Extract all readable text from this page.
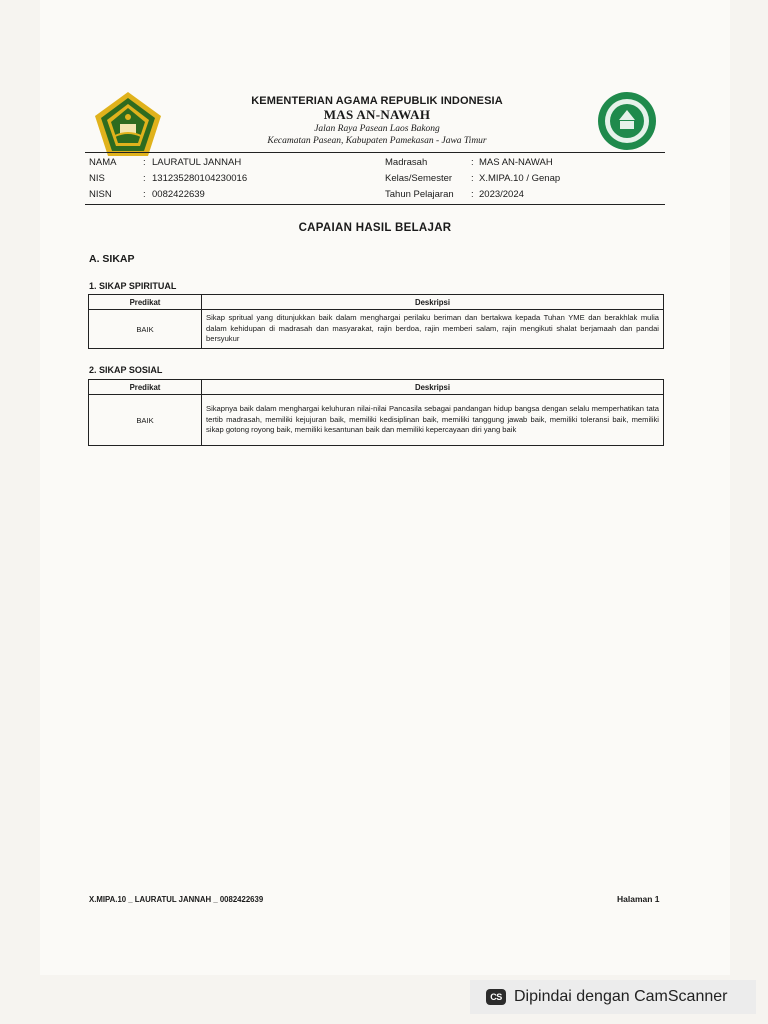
KEMENTERIAN AGAMA REPUBLIK INDONESIA
MAS AN-NAWAH
Jalan Raya Pasean Laos Bakong
Kecamatan Pasean, Kabupaten Pamekasan - Jawa Timur
NAMA	: LAURATUL JANNAH
NIS	: 131235280104230016
NISN	: 0082422639
Madrasah	: MAS AN-NAWAH
Kelas/Semester	: X.MIPA.10 / Genap
Tahun Pelajaran	: 2023/2024
CAPAIAN HASIL BELAJAR
A. SIKAP
1. SIKAP SPIRITUAL
Predikat	Deskripsi
BAIK	Sikap spritual yang ditunjukkan baik dalam menghargai perilaku beriman dan bertakwa kepada Tuhan YME dan berakhlak mulia dalam kehidupan di madrasah dan masyarakat, rajin berdoa, rajin memberi salam, rajin mengikuti shalat berjamaah dan pandai bersyukur
2. SIKAP SOSIAL
Predikat	Deskripsi
BAIK	Sikapnya baik dalam menghargai keluhuran nilai-nilai Pancasila sebagai pandangan hidup bangsa dengan selalu memperhatikan tata tertib madrasah, memiliki kejujuran baik, memiliki kedisiplinan baik, memiliki tanggung jawab baik, memiliki toleransi baik, memiliki sikap gotong royong baik, memiliki kesantunan baik dan memiliki kepercayaan diri yang baik
X.MIPA.10 _ LAURATUL JANNAH _ 0082422639	Halaman 1
CS Dipindai dengan CamScanner
